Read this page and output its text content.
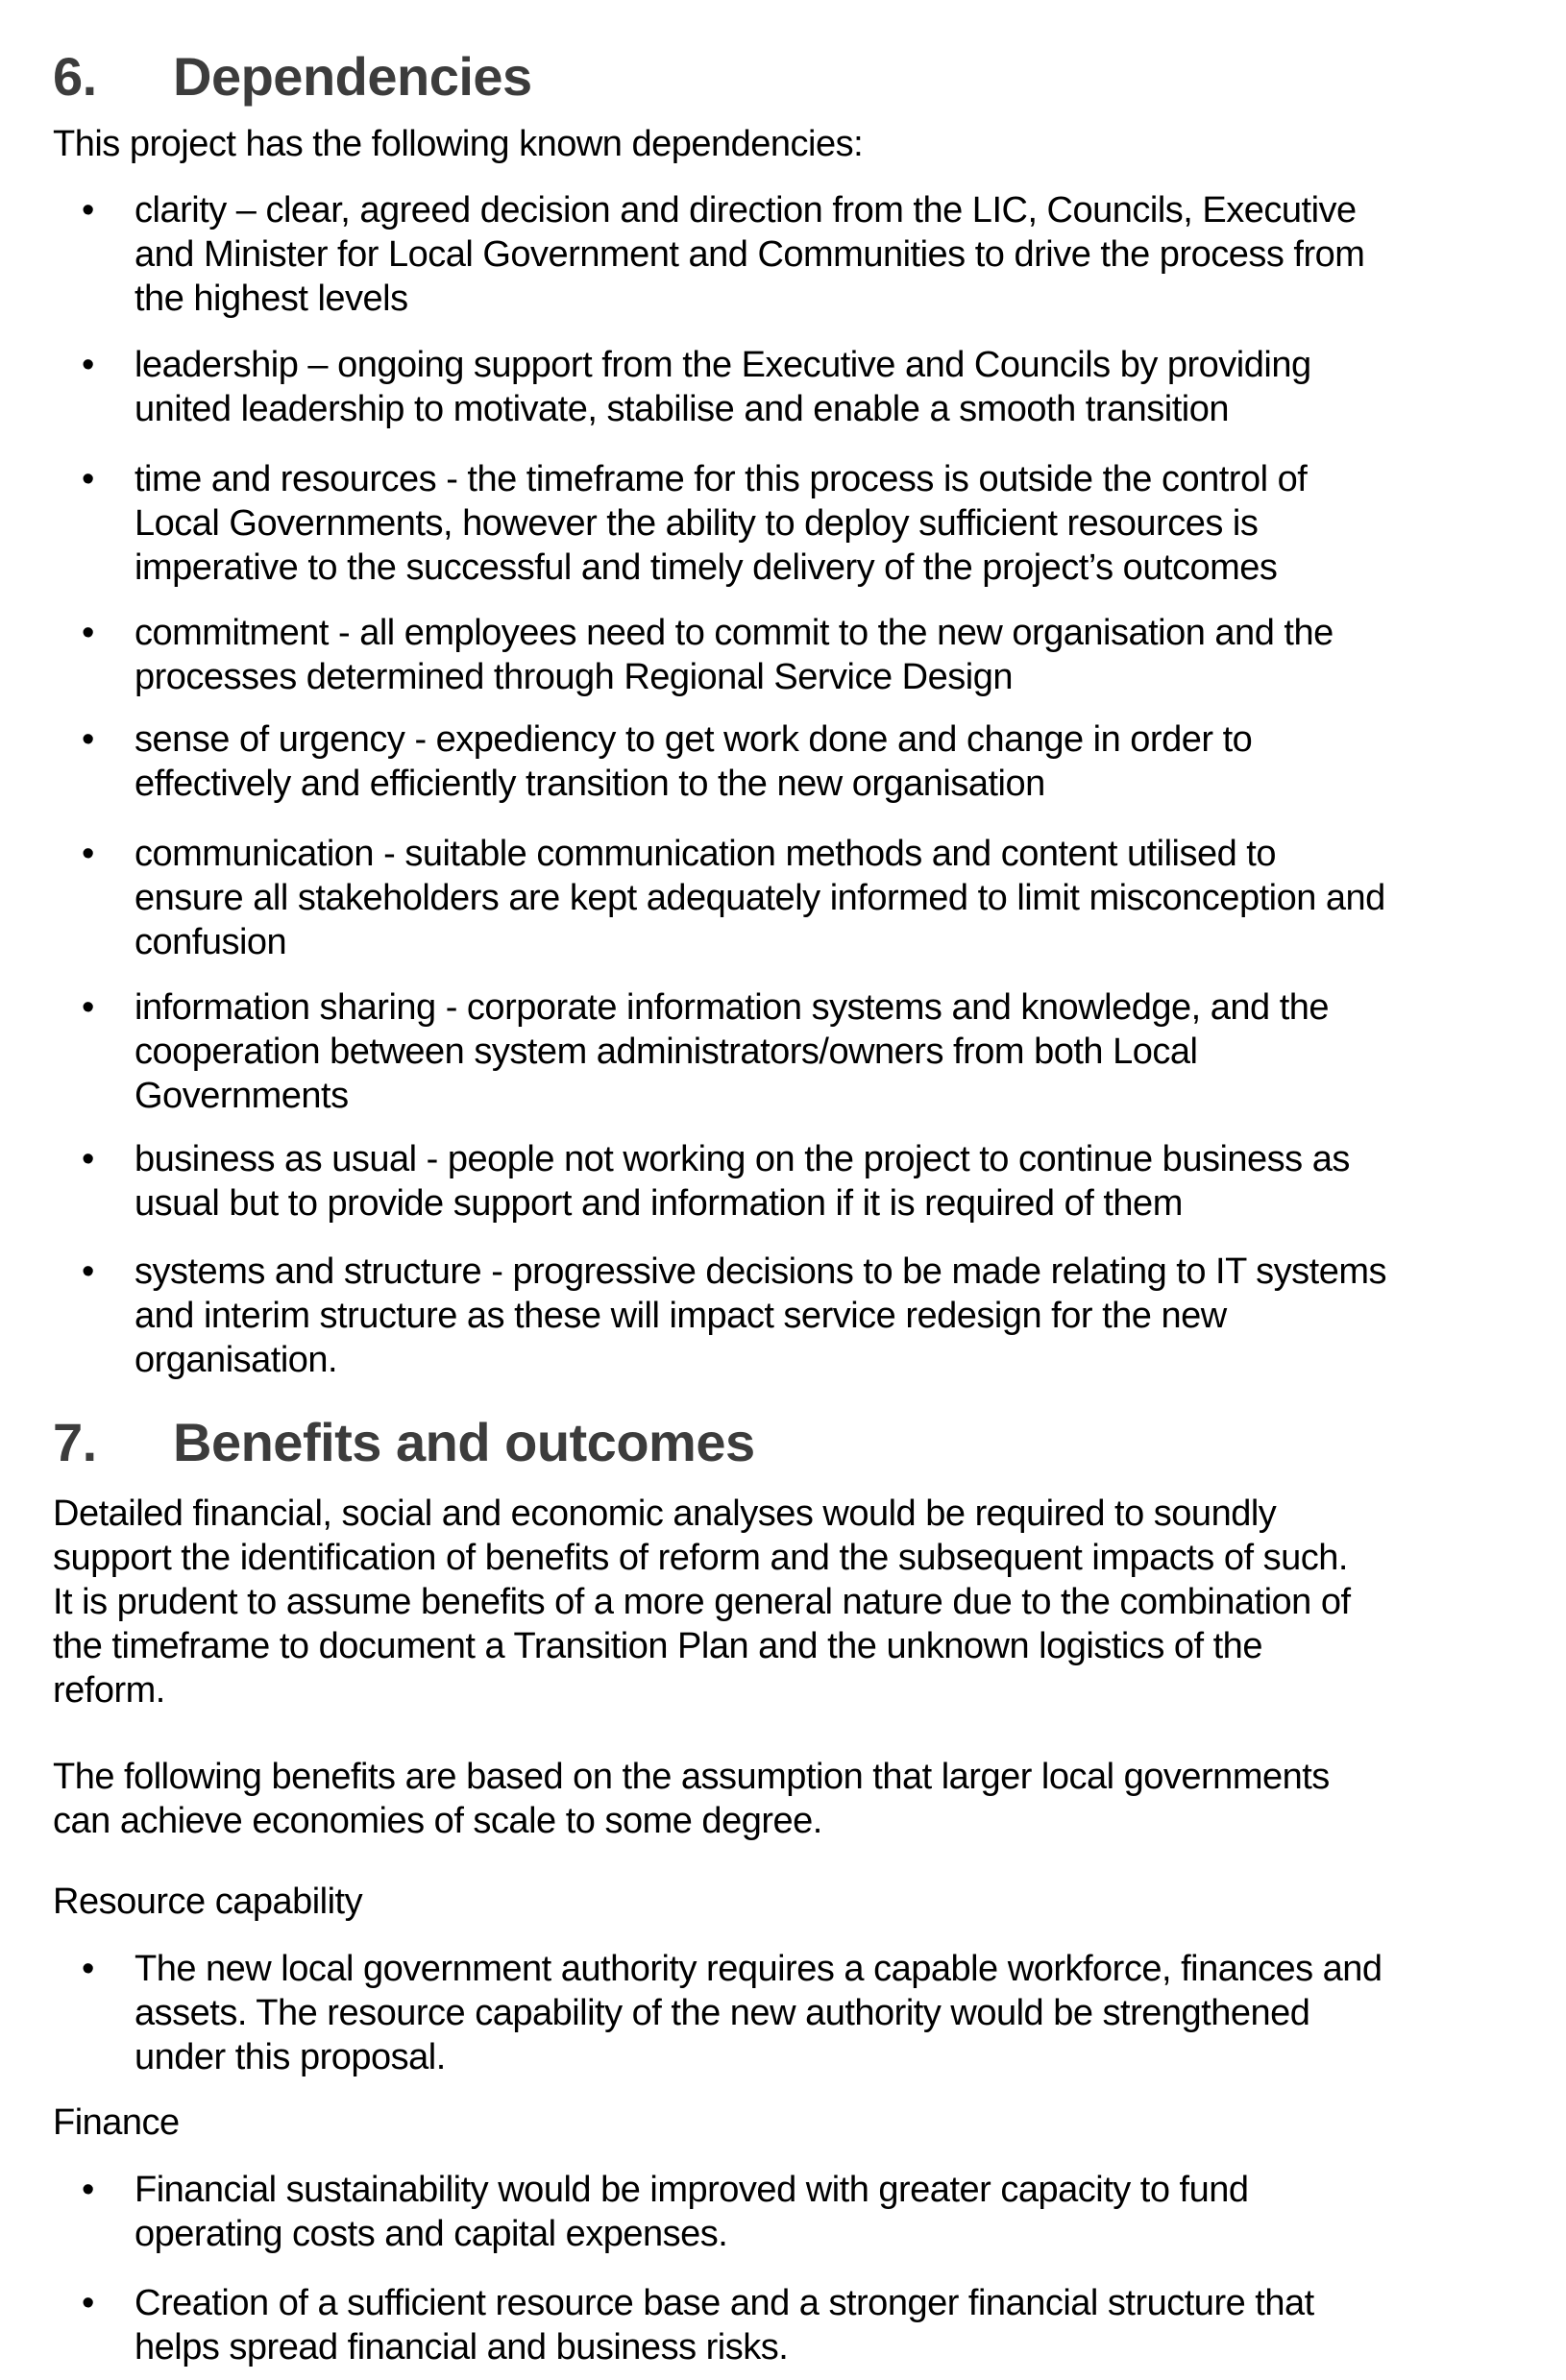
6.	Dependencies

This project has the following known dependencies:

• clarity – clear, agreed decision and direction from the LIC, Councils, Executive
and Minister for Local Government and Communities to drive the process from
the highest levels
• leadership – ongoing support from the Executive and Councils by providing
united leadership to motivate, stabilise and enable a smooth transition
• time and resources - the timeframe for this process is outside the control of
Local Governments, however the ability to deploy sufficient resources is
imperative to the successful and timely delivery of the project’s outcomes
• commitment - all employees need to commit to the new organisation and the
processes determined through Regional Service Design
• sense of urgency - expediency to get work done and change in order to
effectively and efficiently transition to the new organisation
• communication - suitable communication methods and content utilised to
ensure all stakeholders are kept adequately informed to limit misconception and
confusion
• information sharing - corporate information systems and knowledge, and the
cooperation between system administrators/owners from both Local
Governments
• business as usual - people not working on the project to continue business as
usual but to provide support and information if it is required of them
• systems and structure - progressive decisions to be made relating to IT systems
and interim structure as these will impact service redesign for the new
organisation.
7.	Benefits and outcomes

Detailed financial, social and economic analyses would be required to soundly
support the identification of benefits of reform and the subsequent impacts of such.
It is prudent to assume benefits of a more general nature due to the combination of
the timeframe to document a Transition Plan and the unknown logistics of the
reform.

The following benefits are based on the assumption that larger local governments
can achieve economies of scale to some degree.

Resource capability

• The new local government authority requires a capable workforce, finances and
assets. The resource capability of the new authority would be strengthened
under this proposal.

Finance

• Financial sustainability would be improved with greater capacity to fund
operating costs and capital expenses.
• Creation of a sufficient resource base and a stronger financial structure that
helps spread financial and business risks.
